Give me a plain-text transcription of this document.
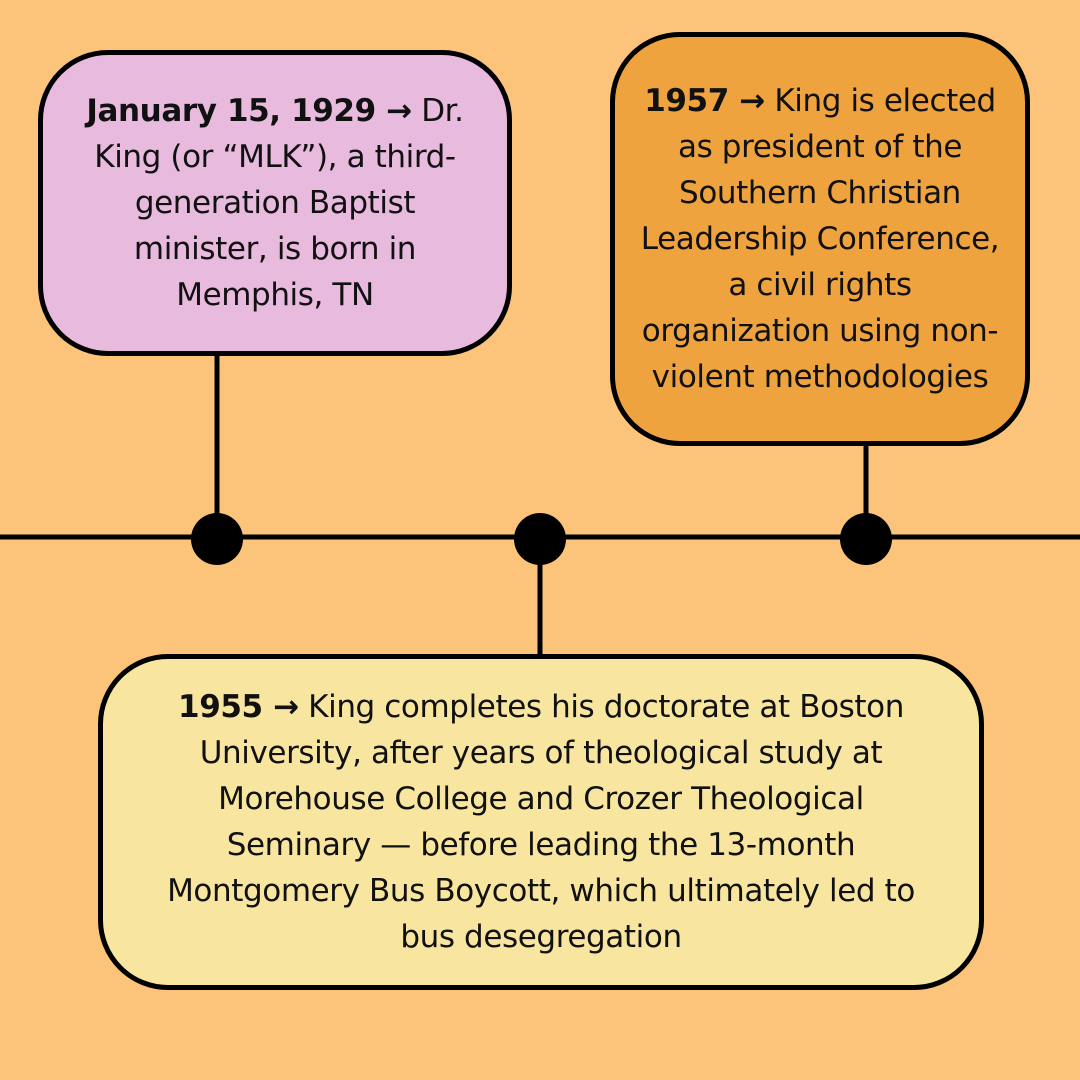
January 15, 1929 → Dr. King (or “MLK”), a third-generation Baptist minister, is born in Memphis, TN

1957 → King is elected as president of the Southern Christian Leadership Conference, a civil rights organization using non-violent methodologies

1955 → King completes his doctorate at Boston University, after years of theological study at Morehouse College and Crozer Theological Seminary — before leading the 13-month Montgomery Bus Boycott, which ultimately led to bus desegregation
